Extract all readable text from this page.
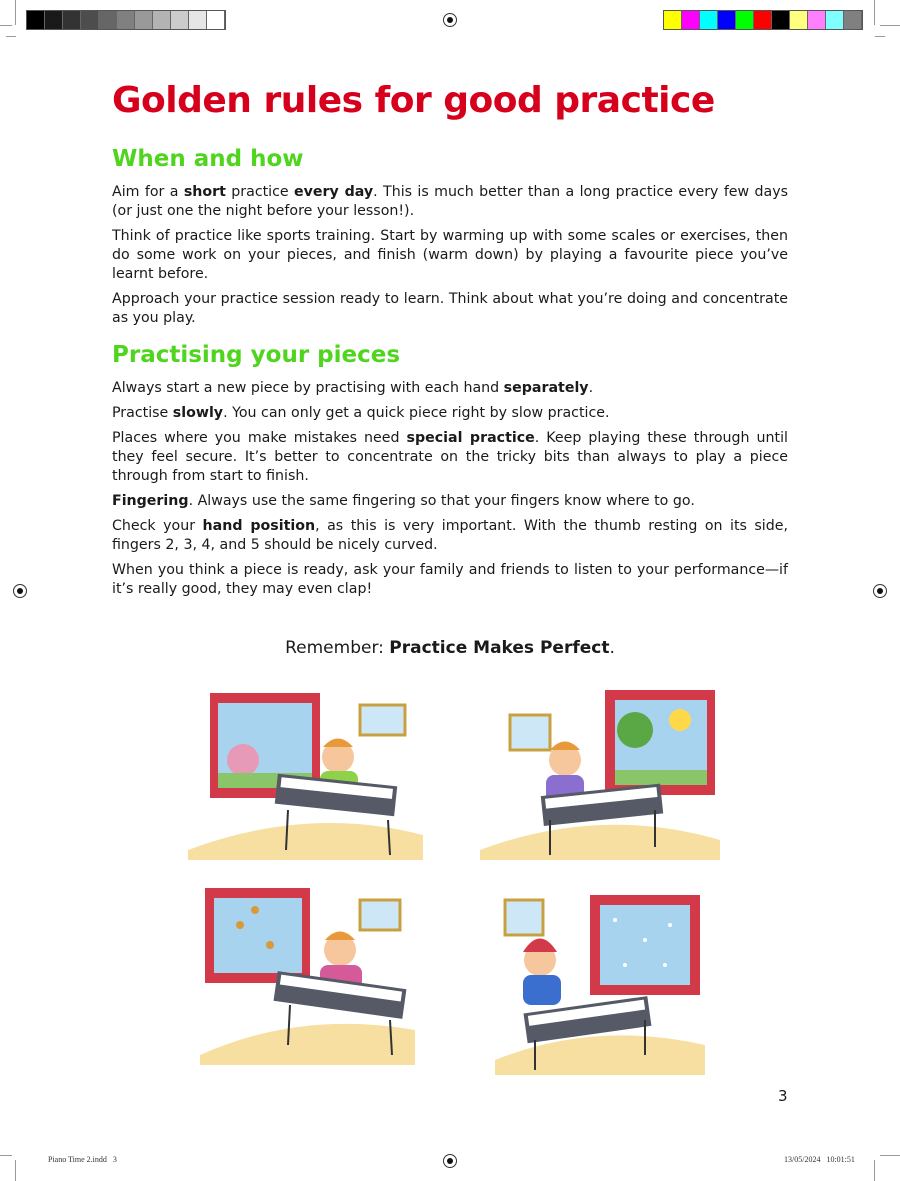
Golden rules for good practice
When and how

Aim for a short practice every day. This is much better than a long practice every few days (or just one the night before your lesson!).

Think of practice like sports training. Start by warming up with some scales or exercises, then do some work on your pieces, and finish (warm down) by playing a favourite piece you’ve learnt before.

Approach your practice session ready to learn. Think about what you’re doing and concentrate as you play.

Practising your pieces

Always start a new piece by practising with each hand separately.

Practise slowly. You can only get a quick piece right by slow practice.

Places where you make mistakes need special practice. Keep playing these through until they feel secure. It’s better to concentrate on the tricky bits than always to play a piece through from start to finish.

Fingering. Always use the same fingering so that your fingers know where to go.

Check your hand position, as this is very important. With the thumb resting on its side, fingers 2, 3, 4, and 5 should be nicely curved.

When you think a piece is ready, ask your family and friends to listen to your performance—if it’s really good, they may even clap!

Remember: Practice Makes Perfect.
3
Piano Time 2.indd   3	13/05/2024   10:01:51
